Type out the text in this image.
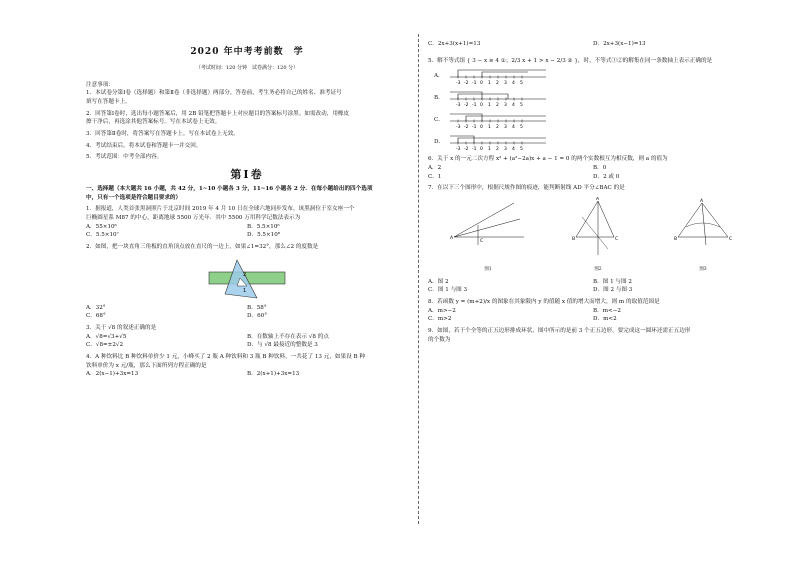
2020 年中考考前数　学
（考试时间：120 分钟　试卷满分：120 分）
注意事项：
1．本试卷分第Ⅰ卷（选择题）和第Ⅱ卷（非选择题）两部分。答卷前，考生务必将自己的姓名、准考证号
填写在答题卡上。
2．回答第Ⅰ卷时，选出每小题答案后，用 2B 铅笔把答题卡上对应题目的答案标号涂黑。如需改动，用橡皮
擦干净后，再选涂其他答案标号。写在本试卷上无效。
3．回答第Ⅱ卷时，将答案写在答题卡上。写在本试卷上无效。
4．考试结束后，将本试卷和答题卡一并交回。
5．考试范围：中考全部内容。
第Ⅰ卷
一、选择题（本大题共 16 小题，共 42 分，1~10 小题各 3 分，11~16 小题各 2 分．在每小题给出的四个选项
中，只有一个选项是符合题目要求的）
1．据报道，人类首张黑洞照片于北京时间 2019 年 4 月 10 日在全球六地同步发布，该黑洞位于室女座一个
巨椭圆星系 M87 的中心，距离地球 5500 万光年．其中 5500 万用科学记数法表示为
A．55×10⁶	B．5.5×10⁶
C．5.5×10⁷	D．5.5×10⁸
2．如图，把一块直角三角板的直角顶点放在直尺的一边上，如果∠1=32°，那么∠2 的度数是
2
1
A．32°	B．58°
C．68°	D．60°
3．关于 √8 的叙述正确的是
A．√8=√3+√5	B．在数轴上不存在表示 √8 的点
C．√8=±2√2	D．与 √8 最接近的整数是 3
4．A 种饮料比 B 种饮料单价少 1 元，小峰买了 2 瓶 A 种饮料和 3 瓶 B 种饮料，一共花了 13 元，如果设 B 种
饮料单价为 x 元/瓶，那么下面所列方程正确的是
A．2(x−1)+3x=13	B．2(x+1)+3x=13
C．2x+3(x+1)=13	D．2x+3(x−1)=13
5．解不等式组 { 3 − x ≥ 4 ①；2/3 x + 1 > x − 2/3 ② }，时，不等式①②的解集在同一条数轴上表示正确的是
A．
-3 -2 -1 0 1 2 3 4 5
B．
-3 -2 -1 0 1 2 3 4 5
C．
-3 -2 -1 0 1 2 3 4 5
D．
-3 -2 -1 0 1 2 3 4 5
6．关于 x 的一元二次方程 x² + (a²−2a)x + a − 1 = 0 的两个实数根互为相反数，则 a 的值为
A．2	B．0
C．1	D．2 或 0
7．在以下三个图形中，根据尺规作图的痕迹，能判断射线 AD 平分∠BAC 的是
A
C
图1
A
B	C
图2
A
B	C
图3
A．图 2	B．图 1 与图 2
C．图 1 与图 3	D．图 2 与图 3
8．若函数 y = (m+2)/x 的图象在其象限内 y 的值随 x 值的增大而增大，则 m 的取值范围是
A．m>−2	B．m<−2
C．m>2	D．m<2
9．如图，若干个全等的正五边形排成环状，图中所示的是前 3 个正五边形，要完成这一圆环还需正五边形
的个数为
